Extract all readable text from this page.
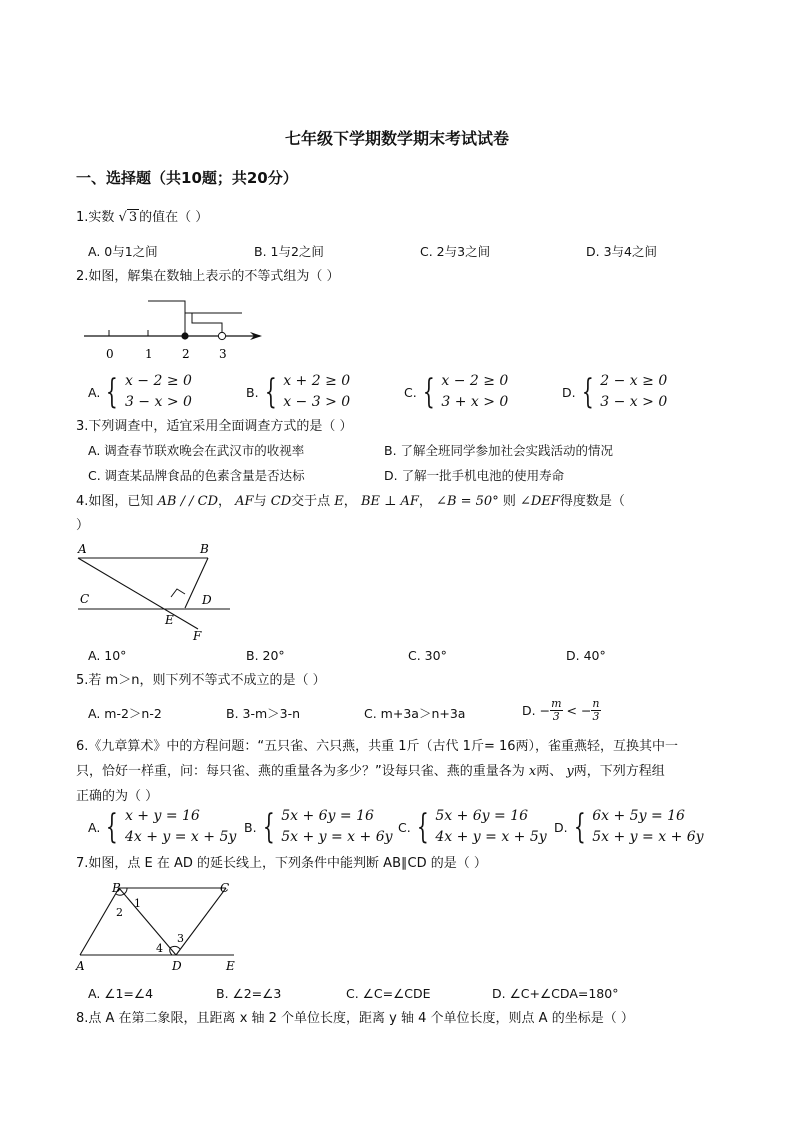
七年级下学期数学期末考试试卷
一、选择题（共10题；共20分）
1.实数 √ 3 的值在（ ）
A. 0与1之间	B. 1与2之间	C. 2与3之间	D. 3与4之间
2.如图，解集在数轴上表示的不等式组为（ ）
0	1 2 3
A. { x − 2 ≥ 0
3 − x > 0
B. { x + 2 ≥ 0
x − 3 > 0
C. { x − 2 ≥ 0
3 + x > 0
D. { 2 − x ≥ 0
3 − x > 0
3.下列调查中，适宜采用全面调查方式的是（ ）
A. 调查春节联欢晚会在武汉市的收视率	B. 了解全班同学参加社会实践活动的情况
C. 调查某品牌食品的色素含量是否达标	D. 了解一批手机电池的使用寿命
4.如图，已知 AB / / CD， AF与 CD交于点 E， BE ⊥ AF， ∠B = 50° 则 ∠DEF得度数是（
）
A	B
C	D
E
F
A. 10°	B. 20°	C. 30°	D. 40°
5.若 m＞n，则下列不等式不成立的是（ ）
A. m-2＞n-2	B. 3-m＞3-n	C. m+3a＞n+3a	D. − $\frac{m}{3}$
< − $\frac{n}{3}$
6.《九章算术》中的方程问题：“五只雀、六只燕，共重 1斤（古代 1斤= 16两），雀重燕轻，互换其中一
只，恰好一样重，问：每只雀、燕的重量各为多少？”设每只雀、燕的重量各为 x两、 y两，下列方程组
正确的为（ ）
A. { x + y = 16
4x + y = x + 5y
B. { 5x + 6y = 16
5x + y = x + 6y
C. { 5x + 6y = 16
4x + y = x + 5y
D. { 6x + 5y = 16
5x + y = x + 6y
7.如图，点 E 在 AD 的延长线上，下列条件中能判断 AB∥CD 的是（ ）
B	C
A	D	E
1
2
3
4
A. ∠1=∠4	B. ∠2=∠3	C. ∠C=∠CDE	D. ∠C+∠CDA=180°
8.点 A 在第二象限，且距离 x 轴 2 个单位长度，距离 y 轴 4 个单位长度，则点 A 的坐标是（ ）
